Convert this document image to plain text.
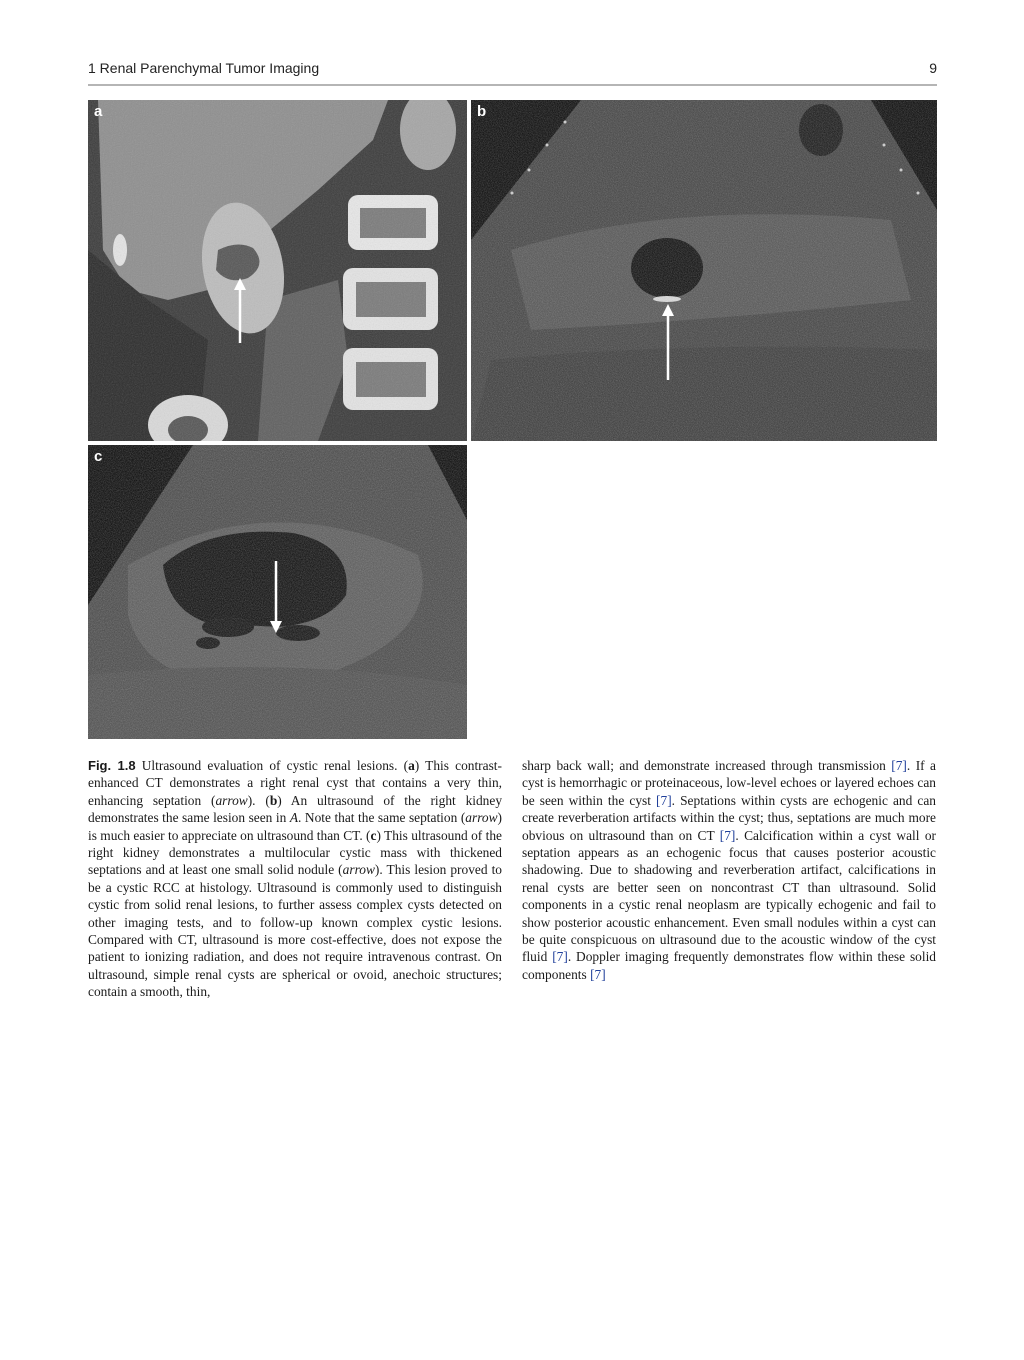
1 Renal Parenchymal Tumor Imaging	9
a	b
c

Fig. 1.8 Ultrasound evaluation of cystic renal lesions. (a) This contrast-enhanced CT demonstrates a right renal cyst that contains a very thin, enhancing septation (arrow). (b) An ultrasound of the right kidney demonstrates the same lesion seen in A. Note that the same septation (arrow) is much easier to appreciate on ultrasound than CT. (c) This ultrasound of the right kidney demonstrates a multilocular cystic mass with thickened septations and at least one small solid nodule (arrow). This lesion proved to be a cystic RCC at histology. Ultrasound is commonly used to distinguish cystic from solid renal lesions, to further assess complex cysts detected on other imaging tests, and to follow-up known complex cystic lesions. Compared with CT, ultrasound is more cost-effective, does not expose the patient to ionizing radiation, and does not require intravenous contrast. On ultrasound, simple renal cysts are spherical or ovoid, anechoic structures; contain a smooth, thin,

sharp back wall; and demonstrate increased through transmission [7]. If a cyst is hemorrhagic or proteinaceous, low-level echoes or layered echoes can be seen within the cyst [7]. Septations within cysts are echogenic and can create reverberation artifacts within the cyst; thus, septations are much more obvious on ultrasound than on CT [7]. Calcification within a cyst wall or septation appears as an echogenic focus that causes posterior acoustic shadowing. Due to shadowing and reverberation artifact, calcifications in renal cysts are better seen on noncontrast CT than ultrasound. Solid components in a cystic renal neoplasm are typically echogenic and fail to show posterior acoustic enhancement. Even small nodules within a cyst can be quite conspicuous on ultrasound due to the acoustic window of the cyst fluid [7]. Doppler imaging frequently demonstrates flow within these solid components [7]
